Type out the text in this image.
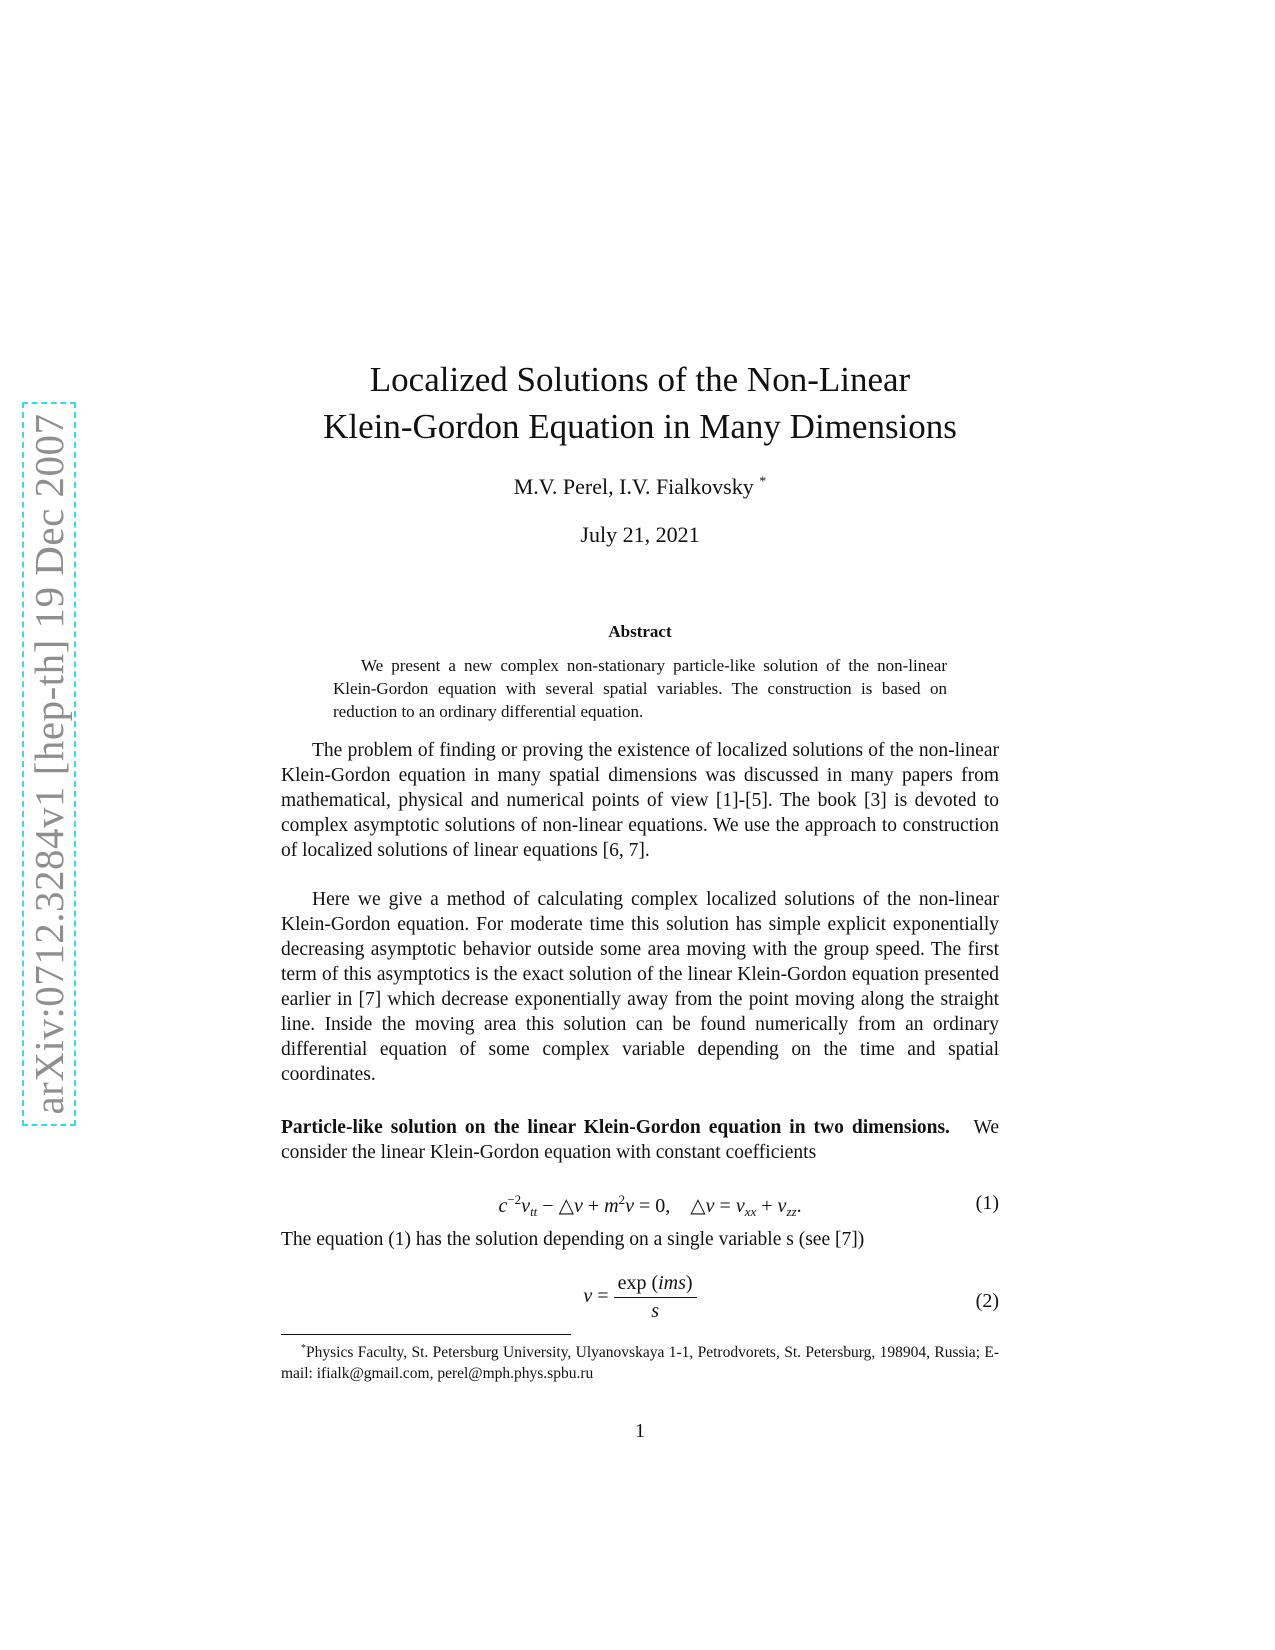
arXiv:0712.3284v1 [hep-th] 19 Dec 2007
Localized Solutions of the Non-Linear
Klein-Gordon Equation in Many Dimensions
M.V. Perel, I.V. Fialkovsky *
July 21, 2021
Abstract

We present a new complex non-stationary particle-like solution of the non-linear Klein-Gordon equation with several spatial variables. The construction is based on reduction to an ordinary differential equation.

The problem of finding or proving the existence of localized solutions of the non-linear Klein-Gordon equation in many spatial dimensions was discussed in many papers from mathematical, physical and numerical points of view [1]-[5]. The book [3] is devoted to complex asymptotic solutions of non-linear equations. We use the approach to construction of localized solutions of linear equations [6, 7].

Here we give a method of calculating complex localized solutions of the non-linear Klein-Gordon equation. For moderate time this solution has simple explicit exponentially decreasing asymptotic behavior outside some area moving with the group speed. The first term of this asymptotics is the exact solution of the linear Klein-Gordon equation presented earlier in [7] which decrease exponentially away from the point moving along the straight line. Inside the moving area this solution can be found numerically from an ordinary differential equation of some complex variable depending on the time and spatial coordinates.

Particle-like solution on the linear Klein-Gordon equation in two dimensions. We consider the linear Klein-Gordon equation with constant coefficients

$c^{-2}v_{tt}$ − △v + $m^2v = 0$,    △v = $v_{xx} + v_{zz}$.	(1)

The equation (1) has the solution depending on a single variable s (see [7])

$v = \frac{\text{exp (ims)}}{s}$	(2)

*Physics Faculty, St. Petersburg University, Ulyanovskaya 1-1, Petrodvorets, St. Petersburg, 198904, Russia; E-mail: ifialk@gmail.com, perel@mph.phys.spbu.ru

1
